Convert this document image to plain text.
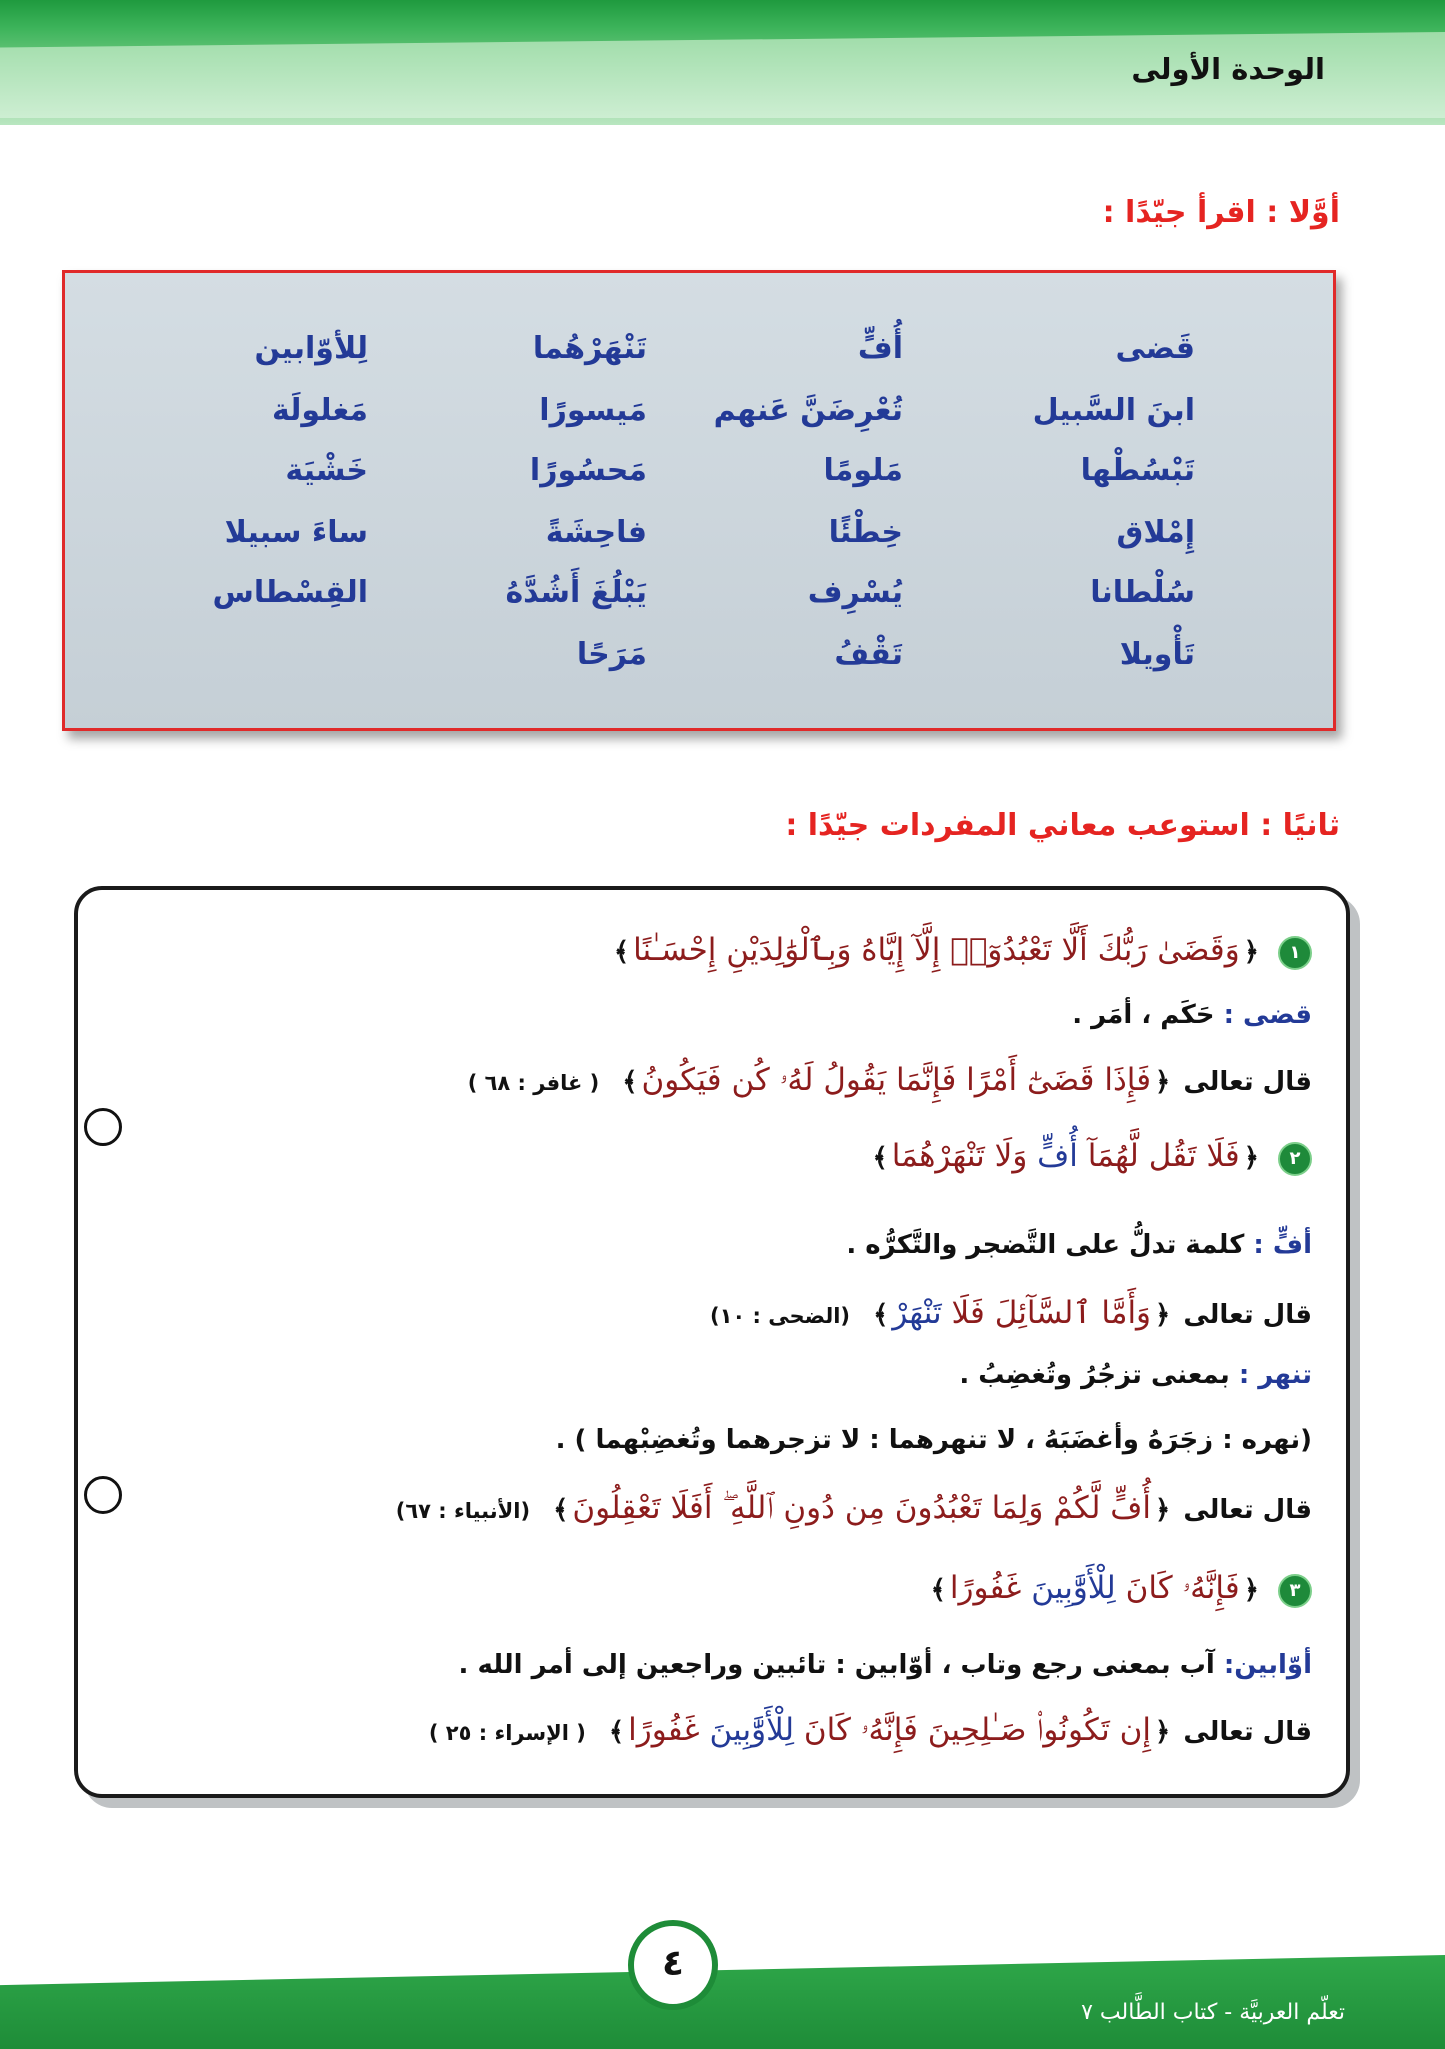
الوحدة الأولى
أوَّلا : اقرأ جيّدًا :
قَضى
ابنَ السَّبيل
تَبْسُطْها
إِمْلاق
سُلْطانا
تَأْويلا
أُفٍّ
تُعْرِضَنَّ عَنهم
مَلومًا
خِطْئًا
يُسْرِف
تَقْفُ
تَنْهَرْهُما
مَيسورًا
مَحسُورًا
فاحِشَةً
يَبْلُغَ أَشُدَّهُ
مَرَحًا
لِلأوّابين
مَغلولَة
خَشْيَة
ساءَ سبيلا
القِسْطاس
ثانيًا : استوعب معاني المفردات جيّدًا :
١ ﴿وَقَضَىٰ رَبُّكَ أَلَّا تَعْبُدُوٓا۟ إِلَّآ إِيَّاهُ وَبِٱلْوَٰلِدَيْنِ إِحْسَـٰنًا﴾
قضى : حَكَم ، أمَر .
قال تعالى ﴿فَإِذَا قَضَىٰٓ أَمْرًا فَإِنَّمَا يَقُولُ لَهُۥ كُن فَيَكُونُ﴾ ( غافر : ٦٨ )
٢ ﴿فَلَا تَقُل لَّهُمَآ أُفٍّ وَلَا تَنْهَرْهُمَا﴾
أفٍّ : كلمة تدلُّ على التَّضجر والتَّكرُّه .
قال تعالى ﴿وَأَمَّا ٱلسَّآئِلَ فَلَا تَنْهَرْ﴾ (الضحى : ١٠)
تنهر : بمعنى تزجُرُ وتُغضِبُ .
(نهره : زجَرَهُ وأغضَبَهُ ، لا تنهرهما : لا تزجرهما وتُغضِبْهما ) .
قال تعالى ﴿أُفٍّ لَّكُمْ وَلِمَا تَعْبُدُونَ مِن دُونِ ٱللَّهِ ۖ أَفَلَا تَعْقِلُونَ﴾ (الأنبياء : ٦٧)
٣ ﴿فَإِنَّهُۥ كَانَ لِلْأَوَّٰبِينَ غَفُورًا﴾
أوّابين: آب بمعنى رجع وتاب ، أوّابين : تائبين وراجعين إلى أمر الله .
قال تعالى ﴿إِن تَكُونُوا۟ صَـٰلِحِينَ فَإِنَّهُۥ كَانَ لِلْأَوَّٰبِينَ غَفُورًا﴾ ( الإسراء : ٢٥ )
٤
تعلّم العربيَّة - كتاب الطَّالب ٧
